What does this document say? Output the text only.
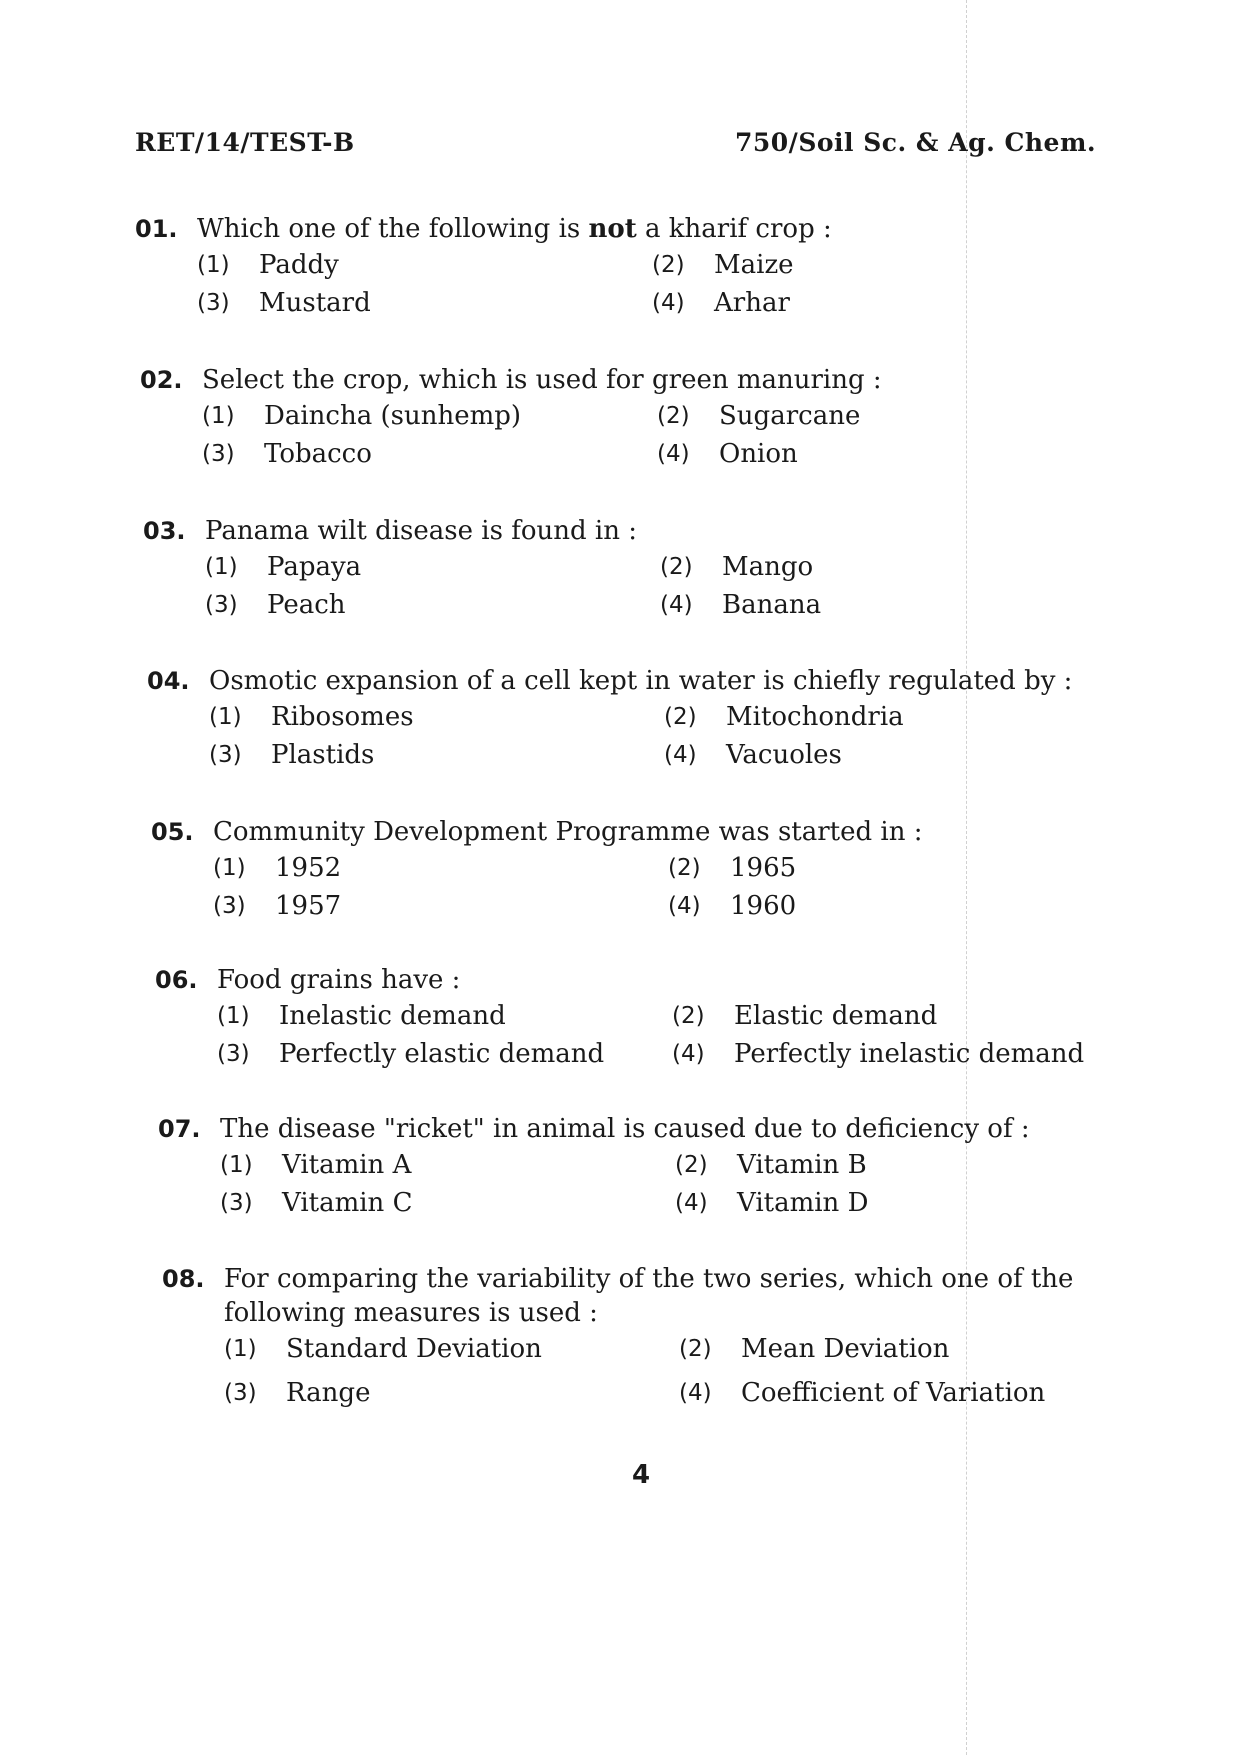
RET/14/TEST-B	750/Soil Sc. & Ag. Chem.
01. Which one of the following is not a kharif crop :
(1)	Paddy	(2)	Maize
(3)	Mustard	(4)	Arhar
02. Select the crop, which is used for green manuring :
(1)	Daincha (sunhemp)	(2)	Sugarcane
(3)	Tobacco	(4)	Onion
03. Panama wilt disease is found in :
(1)	Papaya	(2)	Mango
(3)	Peach	(4)	Banana
04. Osmotic expansion of a cell kept in water is chiefly regulated by :
(1)	Ribosomes	(2)	Mitochondria
(3)	Plastids	(4)	Vacuoles
05. Community Development Programme was started in :
(1)	1952	(2)	1965
(3)	1957	(4)	1960
06. Food grains have :
(1)	Inelastic demand	(2)	Elastic demand
(3)	Perfectly elastic demand	(4)	Perfectly inelastic demand
07. The disease "ricket" in animal is caused due to deficiency of :
(1)	Vitamin A	(2)	Vitamin B
(3)	Vitamin C	(4)	Vitamin D
08. For comparing the variability of the two series, which one of the following measures is used :
(1)	Standard Deviation	(2)	Mean Deviation
(3)	Range	(4)	Coefficient of Variation
4
